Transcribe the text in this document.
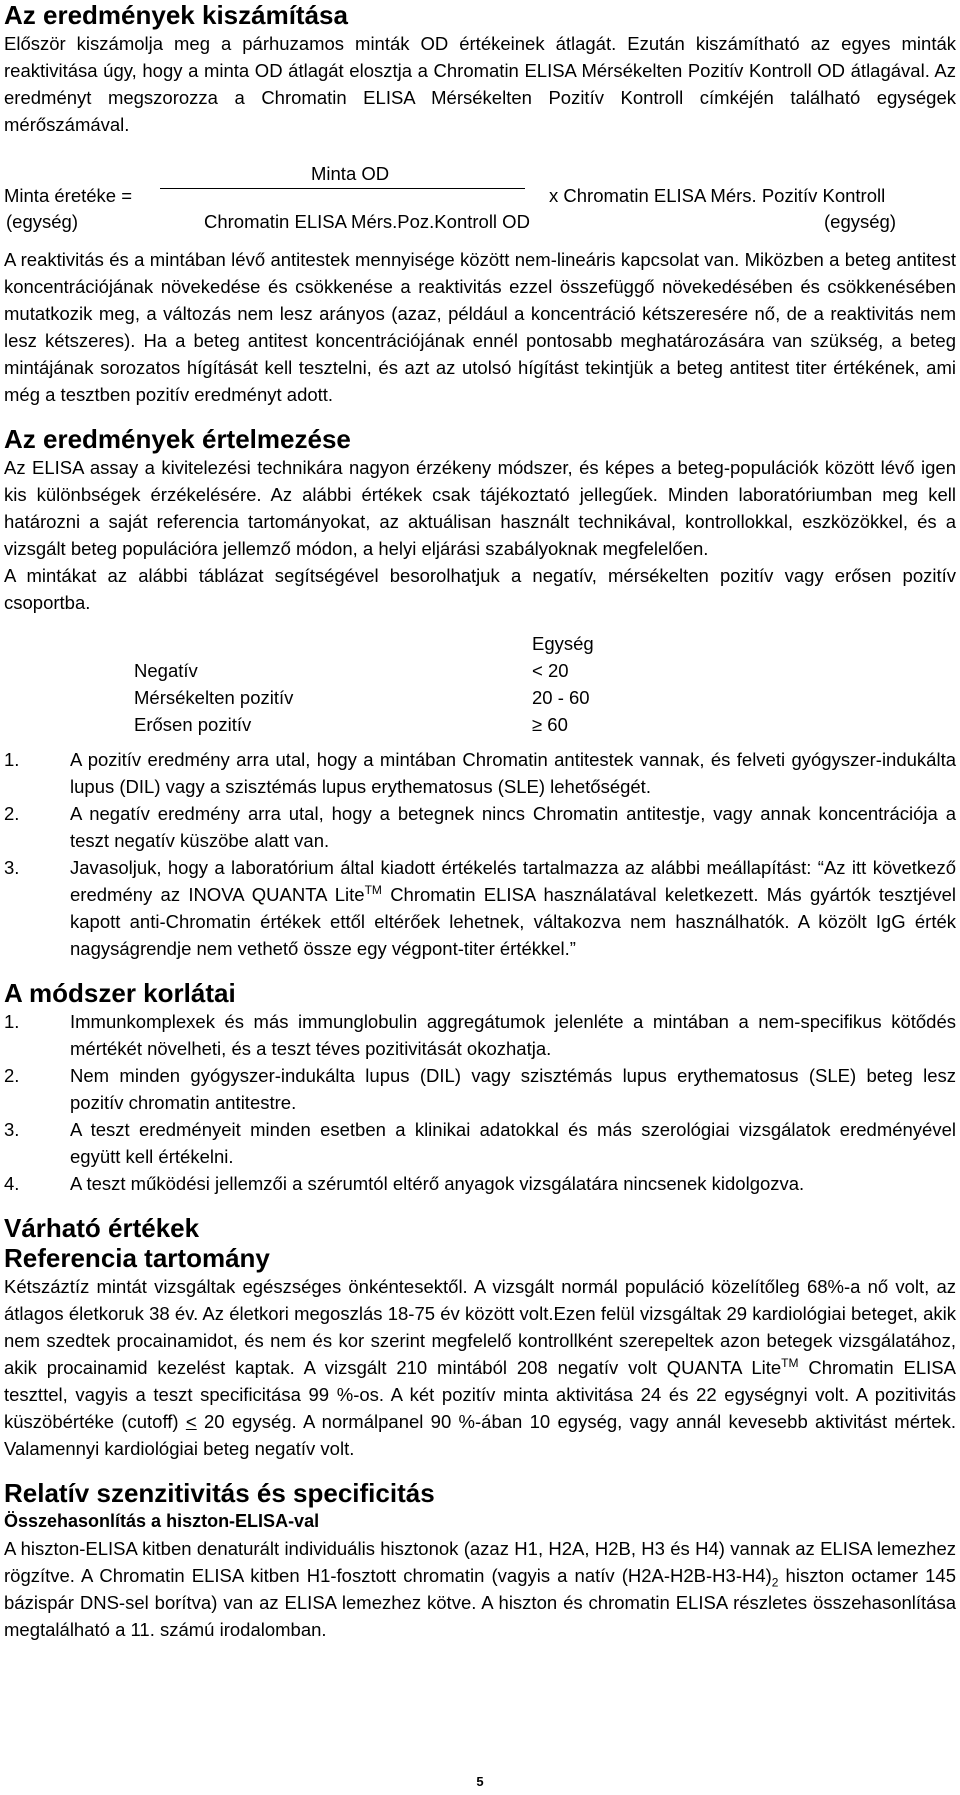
Az eredmények kiszámítása

Először kiszámolja meg a párhuzamos minták OD értékeinek átlagát. Ezután kiszámítható az egyes minták reaktivitása úgy, hogy a minta OD átlagát elosztja a Chromatin ELISA Mérsékelten Pozitív Kontroll OD átlagával. Az eredményt megszorozza a Chromatin ELISA Mérsékelten Pozitív Kontroll címkéjén található egységek mérőszámával.

Minta OD
Minta éretéke =	x Chromatin ELISA Mérs. Pozitív Kontroll
(egység)	Chromatin ELISA Mérs.Poz.Kontroll OD	(egység)

A reaktivitás és a mintában lévő antitestek mennyisége között nem-lineáris kapcsolat van. Miközben a beteg antitest koncentrációjának növekedése és csökkenése a reaktivitás ezzel összefüggő növekedésében és csökkenésében mutatkozik meg, a változás nem lesz arányos (azaz, például a koncentráció kétszeresére nő, de a reaktivitás nem lesz kétszeres). Ha a beteg antitest koncentrációjának ennél pontosabb meghatározására van szükség, a beteg mintájának sorozatos hígítását kell tesztelni, és azt az utolsó hígítást tekintjük a beteg antitest titer értékének, ami még a tesztben pozitív eredményt adott.

Az eredmények értelmezése

Az ELISA assay a kivitelezési technikára nagyon érzékeny módszer, és képes a beteg-populációk között lévő igen kis különbségek érzékelésére. Az alábbi értékek csak tájékoztató jellegűek. Minden laboratóriumban meg kell határozni a saját referencia tartományokat, az aktuálisan használt technikával, kontrollokkal, eszközökkel, és a vizsgált beteg populációra jellemző módon, a helyi eljárási szabályoknak megfelelően.

A mintákat az alábbi táblázat segítségével besorolhatjuk a negatív, mérsékelten pozitív vagy erősen pozitív csoportba.

	Egység
Negatív	< 20
Mérsékelten pozitív	20 - 60
Erősen pozitív	≥ 60
1.	A pozitív eredmény arra utal, hogy a mintában Chromatin antitestek vannak, és felveti gyógyszer-indukálta lupus (DIL) vagy a szisztémás lupus erythematosus (SLE) lehetőségét.
2.	A negatív eredmény arra utal, hogy a betegnek nincs Chromatin antitestje, vagy annak koncentrációja a teszt negatív küszöbe alatt van.
3.	Javasoljuk, hogy a laboratórium által kiadott értékelés tartalmazza az alábbi meállapítást: “Az itt következő eredmény az INOVA QUANTA Lite™ Chromatin ELISA használatával keletkezett. Más gyártók tesztjével kapott anti-Chromatin értékek ettől eltérőek lehetnek, váltakozva nem használhatók. A közölt IgG érték nagyságrendje nem vethető össze egy végpont-titer értékkel.”
A módszer korlátai
1.	Immunkomplexek és más immunglobulin aggregátumok jelenléte a mintában a nem-specifikus kötődés mértékét növelheti, és a teszt téves pozitivitását okozhatja.
2.	Nem minden gyógyszer-indukálta lupus (DIL) vagy szisztémás lupus erythematosus (SLE) beteg lesz pozitív chromatin antitestre.
3.	A teszt eredményeit minden esetben a klinikai adatokkal és más szerológiai vizsgálatok eredményével együtt kell értékelni.
4.	A teszt működési jellemzői a szérumtól eltérő anyagok vizsgálatára nincsenek kidolgozva.
Várható értékek
Referencia tartomány

Kétszáztíz mintát vizsgáltak egészséges önkéntesektől. A vizsgált normál populáció közelítőleg 68%-a nő volt, az átlagos életkoruk 38 év. Az életkori megoszlás 18-75 év között volt.Ezen felül vizsgáltak 29 kardiológiai beteget, akik nem szedtek procainamidot, és nem és kor szerint megfelelő kontrollként szerepeltek azon betegek vizsgálatához, akik procainamid kezelést kaptak. A vizsgált 210 mintából 208 negatív volt QUANTA Lite™ Chromatin ELISA teszttel, vagyis a teszt specificitása 99 %-os. A két pozitív minta aktivitása 24 és 22 egységnyi volt. A pozitivitás küszöbértéke (cutoff) ≤ 20 egység. A normálpanel 90 %-ában 10 egység, vagy annál kevesebb aktivitást mértek. Valamennyi kardiológiai beteg negatív volt.

Relatív szenzitivitás és specificitás
Összehasonlítás a hiszton-ELISA-val

A hiszton-ELISA kitben denaturált individuális hisztonok (azaz H1, H2A, H2B, H3 és H4) vannak az ELISA lemezhez rögzítve. A Chromatin ELISA kitben H1-fosztott chromatin (vagyis a natív $(H2A-H2B-H3-H4)_2$ hiszton octamer 145 bázispár DNS-sel borítva) van az ELISA lemezhez kötve. A hiszton és chromatin ELISA részletes összehasonlítása megtalálható a 11. számú irodalomban.

5
